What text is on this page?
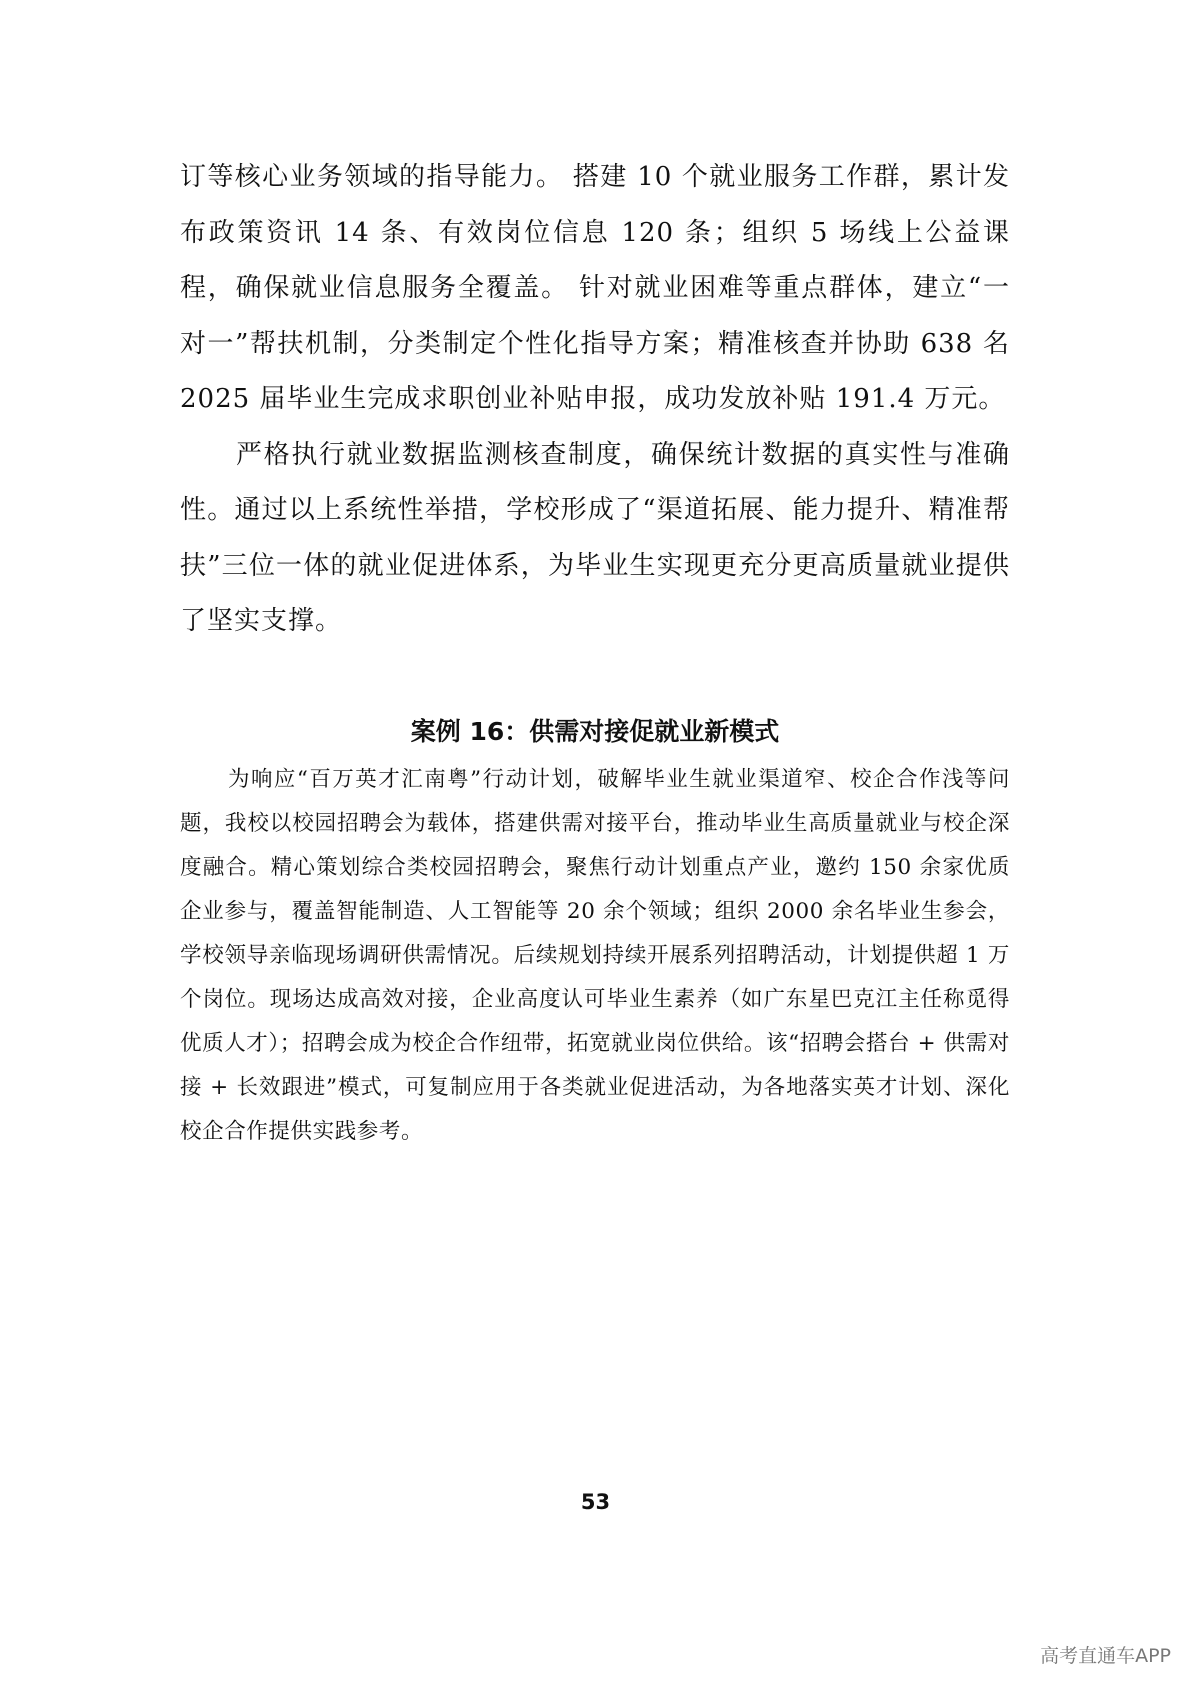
订等核心业务领域的指导能力。 搭建 10 个就业服务工作群，累计发布政策资讯 14 条、有效岗位信息 120 条；组织 5 场线上公益课程，确保就业信息服务全覆盖。 针对就业困难等重点群体，建立“一对一”帮扶机制，分类制定个性化指导方案；精准核查并协助 638 名 2025 届毕业生完成求职创业补贴申报，成功发放补贴 191.4 万元。

严格执行就业数据监测核查制度，确保统计数据的真实性与准确性。通过以上系统性举措，学校形成了“渠道拓展、能力提升、精准帮扶”三位一体的就业促进体系，为毕业生实现更充分更高质量就业提供了坚实支撑。

案例 16：供需对接促就业新模式

为响应“百万英才汇南粤”行动计划，破解毕业生就业渠道窄、校企合作浅等问题，我校以校园招聘会为载体，搭建供需对接平台，推动毕业生高质量就业与校企深度融合。精心策划综合类校园招聘会，聚焦行动计划重点产业，邀约 150 余家优质企业参与，覆盖智能制造、人工智能等 20 余个领域；组织 2000 余名毕业生参会，学校领导亲临现场调研供需情况。后续规划持续开展系列招聘活动，计划提供超 1 万个岗位。现场达成高效对接，企业高度认可毕业生素养（如广东星巴克江主任称觅得优质人才）；招聘会成为校企合作纽带，拓宽就业岗位供给。该“招聘会搭台 + 供需对接 + 长效跟进”模式，可复制应用于各类就业促进活动，为各地落实英才计划、深化校企合作提供实践参考。

53
高考直通车APP
